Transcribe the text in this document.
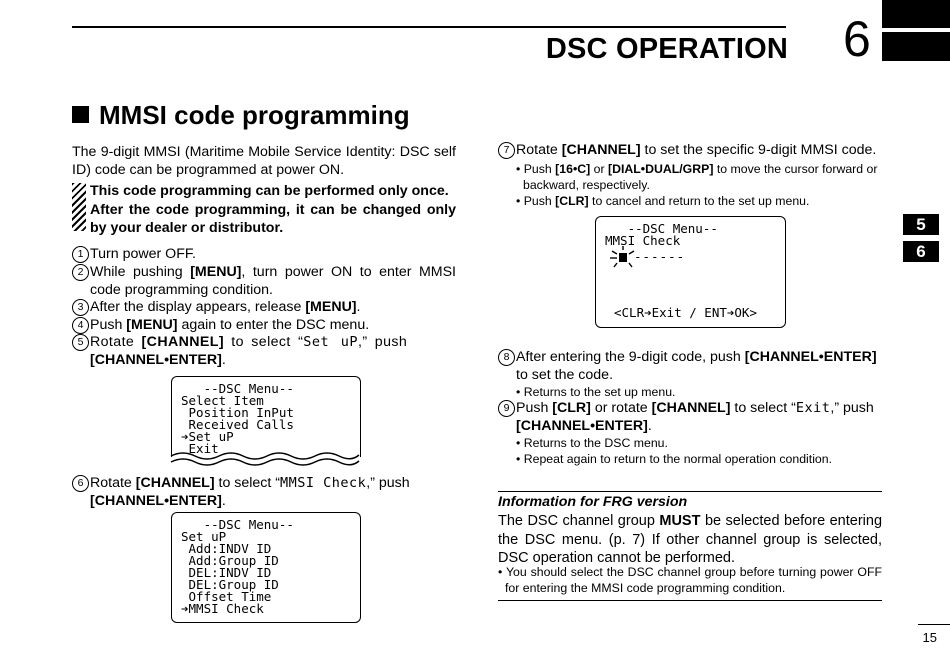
DSC OPERATION 6
5
6
MMSI code programming
The 9-digit MMSI (Maritime Mobile Service Identity: DSC self ID) code can be programmed at power ON.
This code programming can be performed only once.
After the code programming, it can be changed only by your dealer or distributor.
1 Turn power OFF.
2 While pushing [MENU], turn power ON to enter MMSI code programming condition.
3 After the display appears, release [MENU].
4 Push [MENU] again to enter the DSC menu.
5 Rotate [CHANNEL] to select “Set uP,” push
[CHANNEL•ENTER].
--DSC Menu--
Select Item
Position InPut
Received Calls
➔Set uP
Exit
6 Rotate [CHANNEL] to select “MMSI Check,” push
[CHANNEL•ENTER].
--DSC Menu--
Set uP
Add:INDV ID
Add:Group ID
DEL:INDV ID
DEL:Group ID
Offset Time
➔MMSI Check
7 Rotate [CHANNEL] to set the specific 9-digit MMSI code.
• Push [16•C] or [DIAL•DUAL/GRP] to move the cursor forward or backward, respectively.
• Push [CLR] to cancel and return to the set up menu.
--DSC Menu--
MMSI Check
------
<CLR➔Exit / ENT➔OK>
8 After entering the 9-digit code, push [CHANNEL•ENTER] to set the code.
• Returns to the set up menu.
9 Push [CLR] or rotate [CHANNEL] to select “Exit,” push
[CHANNEL•ENTER].
• Returns to the DSC menu.
• Repeat again to return to the normal operation condition.
Information for FRG version
The DSC channel group MUST be selected before entering the DSC menu. (p. 7) If other channel group is selected, DSC operation cannot be performed.
• You should select the DSC channel group before turning power OFF for entering the MMSI code programming condition.
15
